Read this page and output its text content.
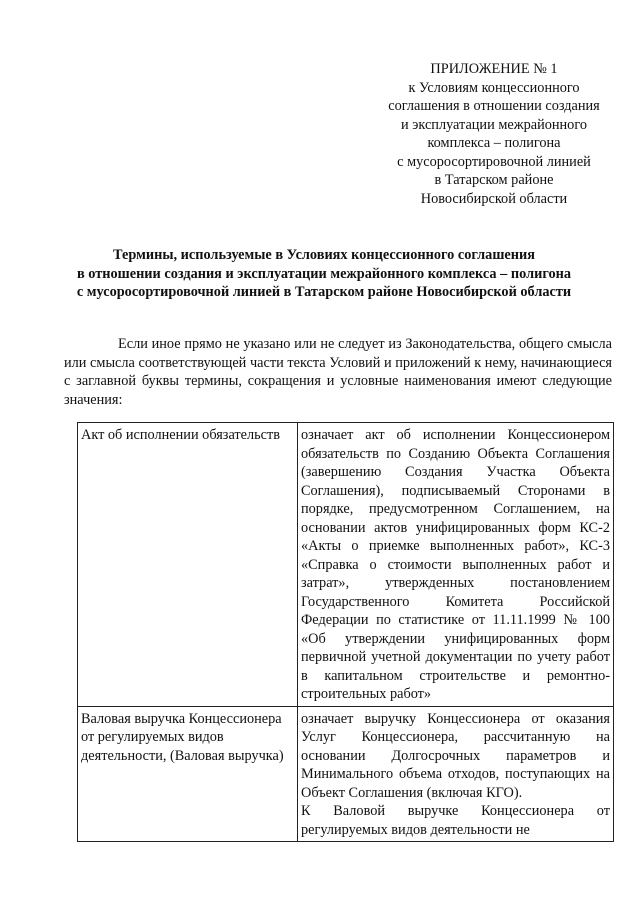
ПРИЛОЖЕНИЕ № 1
к Условиям концессионного
соглашения в отношении создания
и эксплуатации межрайонного
комплекса – полигона
с мусоросортировочной линией
в Татарском районе
Новосибирской области
Термины, используемые в Условиях концессионного соглашения
в отношении создания и эксплуатации межрайонного комплекса – полигона
с мусоросортировочной линией в Татарском районе Новосибирской области
Если иное прямо не указано или не следует из Законодательства, общего смысла или смысла соответствующей части текста Условий и приложений к нему, начинающиеся с заглавной буквы термины, сокращения и условные наименования имеют следующие значения:
Акт об исполнении обязательств	означает акт об исполнении Концессионером обязательств по Созданию Объекта Соглашения (завершению Создания Участка Объекта Соглашения), подписываемый Сторонами в порядке, предусмотренном Соглашением, на основании актов унифицированных форм КС-2 «Акты о приемке выполненных работ», КС-3 «Справка о стоимости выполненных работ и затрат», утвержденных постановлением Государственного Комитета Российской Федерации по статистике от 11.11.1999 № 100 «Об утверждении унифицированных форм первичной учетной документации по учету работ в капитальном строительстве и ремонтно-строительных работ»

Валовая выручка Концессионера от регулируемых видов деятельности, (Валовая выручка)	означает выручку Концессионера от оказания Услуг Концессионера, рассчитанную на основании Долгосрочных параметров и Минимального объема отходов, поступающих на Объект Соглашения (включая КГО).

К Валовой выручке Концессионера от регулируемых видов деятельности не
